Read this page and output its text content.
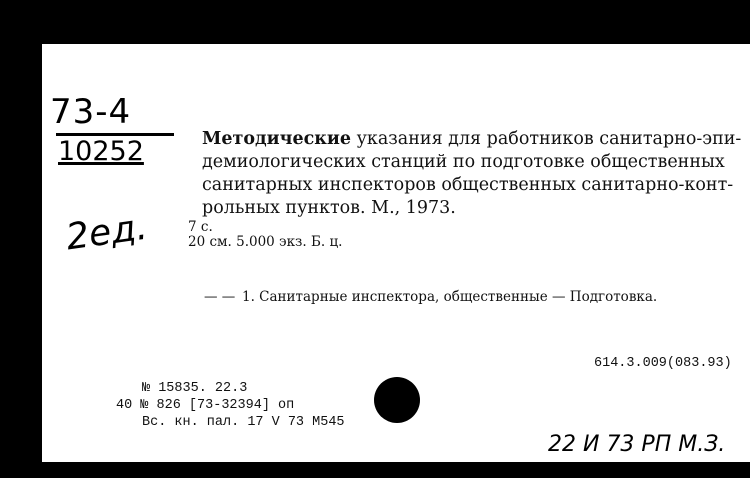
73-4
10252
2ед.
Методические указания для работников санитарно-эпи-
демиологических станций по подготовке общественных
санитарных инспекторов общественных санитарно-конт-
рольных пунктов. М., 1973.
7 с.
20 см. 5.000 экз. Б. ц.
— — 1. Санитарные инспектора, общественные — Подготовка.
614.3.009(083.93)
№ 15835. 22.3
40 № 826 [73-32394] оп
Вс. кн. пал. 17 V 73 М545
22 И 73 РП М.З.
